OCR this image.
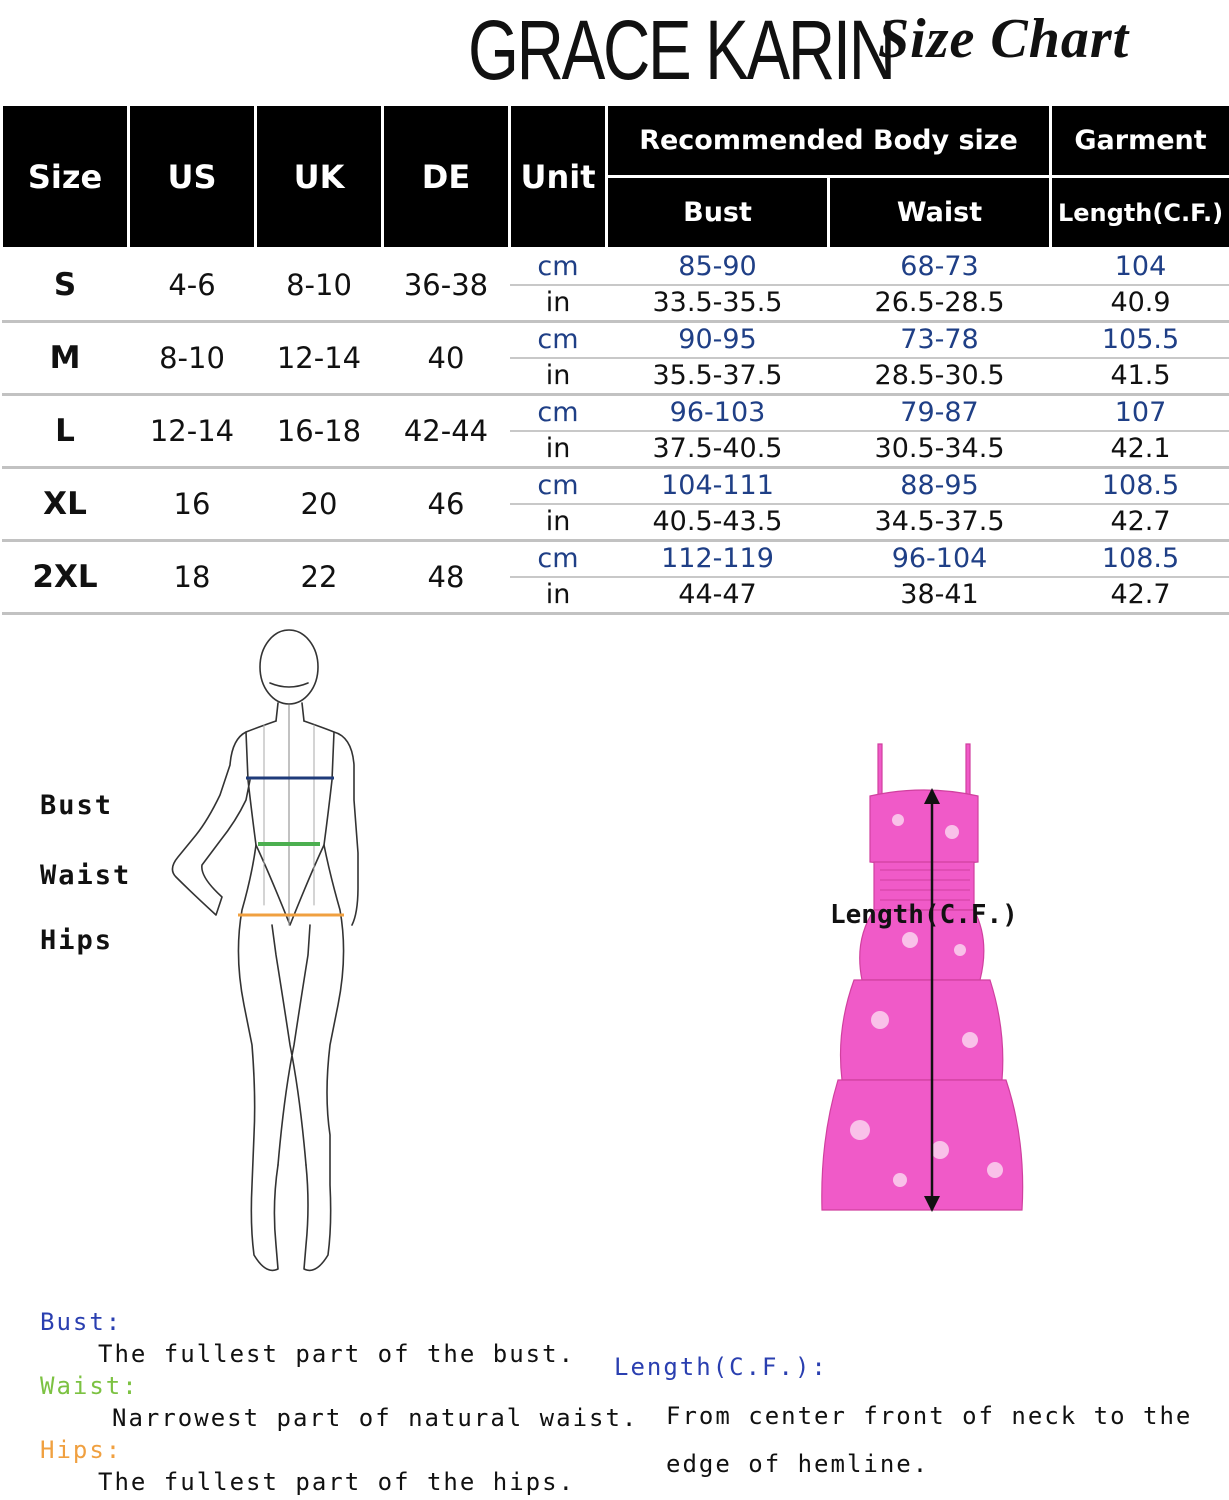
GRACE KARIN
Size Chart
Size	US	UK	DE	Unit	Recommended Body size		Garment
					Bust	Waist	Length(C.F.)
S	4-6	8-10	36-38	cm	85-90	68-73	104
				in	33.5-35.5	26.5-28.5	40.9
M	8-10	12-14	40	cm	90-95	73-78	105.5
				in	35.5-37.5	28.5-30.5	41.5
L	12-14	16-18	42-44	cm	96-103	79-87	107
				in	37.5-40.5	30.5-34.5	42.1
XL	16	20	46	cm	104-111	88-95	108.5
				in	40.5-43.5	34.5-37.5	42.7
2XL	18	22	48	cm	112-119	96-104	108.5
				in	44-47	38-41	42.7
Bust
Waist
Hips
Length(C.F.)
Bust:
The fullest part of the bust.
Waist:
Narrowest part of natural waist.
Hips:
The fullest part of the hips.
Length(C.F.):
From center front of neck to the
edge of hemline.
